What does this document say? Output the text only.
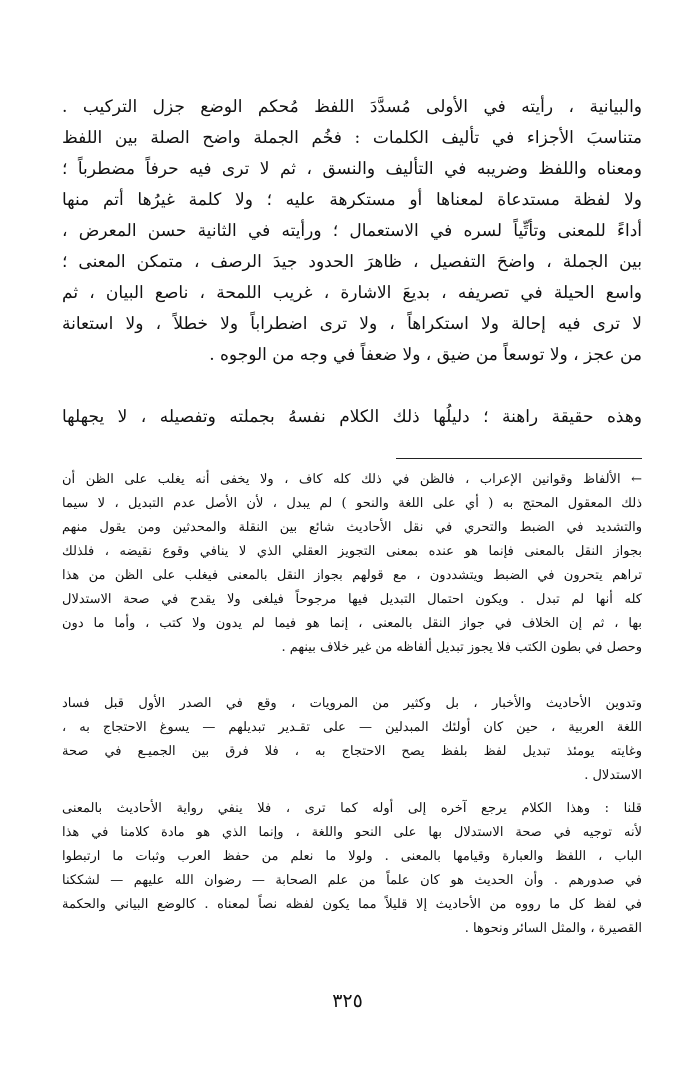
والبيانية ، رأيته في الأولى مُسدَّدَ اللفظ مُحكم الوضع جزل التركيب .
متناسبَ الأجزاء في تأليف الكلمات : فخُم الجملة واضح الصلة بين اللفظ
ومعناه واللفظ وضريبه في التأليف والنسق ، ثم لا ترى فيه حرفاً مضطرباً ؛
ولا لفظة مستدعاة لمعناها أو مستكرهة عليه ؛ ولا كلمة غيرُها أتم منها
أداءً للمعنى وتأتِّياً لسره في الاستعمال ؛ ورأيته في الثانية حسن المعرض ،
بين الجملة ، واضحَ التفصيل ، ظاهرَ الحدود جيدَ الرصف ، متمكن المعنى ؛
واسع الحيلة في تصريفه ، بديعَ الاشارة ، غريب اللمحة ، ناصع البيان ، ثم
لا ترى فيه إحالة ولا استكراهاً ، ولا ترى اضطراباً ولا خطلاً ، ولا استعانة
من عجز ، ولا توسعاً من ضيق ، ولا ضعفاً في وجه من الوجوه .
وهذه حقيقة راهنة ؛ دليلُها ذلك الكلام نفسهُ بجملته وتفصيله ، لا يجهلها
← الألفاظ وقوانين الإعراب ، فالظن في ذلك كله كاف ، ولا يخفى أنه يغلب على الظن أن
ذلك المعقول المحتج به ( أي على اللغة والنحو ) لم يبدل ، لأن الأصل عدم التبديل ، لا سيما
والتشديد في الضبط والتحري في نقل الأحاديث شائع بين النقلة والمحدثين ومن يقول منهم
بجواز النقل بالمعنى فإنما هو عنده بمعنى التجويز العقلي الذي لا ينافي وقوع نقيضه ، فلذلك
تراهم يتحرون في الضبط ويتشددون ، مع قولهم بجواز النقل بالمعنى فيغلب على الظن من هذا
كله أنها لم تبدل . ويكون احتمال التبديل فيها مرجوحاً فيلغى ولا يقدح في صحة الاستدلال
بها ، ثم إن الخلاف في جواز النقل بالمعنى ، إنما هو فيما لم يدون ولا كتب ، وأما ما دون
وحصل في بطون الكتب فلا يجوز تبديل ألفاظه من غير خلاف بينهم .
وتدوين الأحاديث والأخبار ، بل وكثير من المرويات ، وقع في الصدر الأول قبل فساد
اللغة العربية ، حين كان أولئك المبدلين — على تقـدير تبديلهم — يسوغ الاحتجاج به ،
وغايته يومئذ تبديل لفظ بلفظ يصح الاحتجاج به ، فلا فرق بين الجميـع في صحة
الاستدلال .
قلنا : وهذا الكلام يرجع آخره إلى أوله كما ترى ، فلا ينفي رواية الأحاديث بالمعنى
لأنه توجيه في صحة الاستدلال بها على النحو واللغة ، وإنما الذي هو مادة كلامنا في هذا
الباب ، اللفظ والعبارة وقيامها بالمعنى . ولولا ما نعلم من حفظ العرب وثبات ما ارتبطوا
في صدورهم . وأن الحديث هو كان علماً من علم الصحابة — رضوان الله عليهم — لشككنا
في لفظ كل ما رووه من الأحاديث إلا قليلاً مما يكون لفظه نصاً لمعناه . كالوضع البياني والحكمة
القصيرة ، والمثل السائر ونحوها .
٣٢٥
